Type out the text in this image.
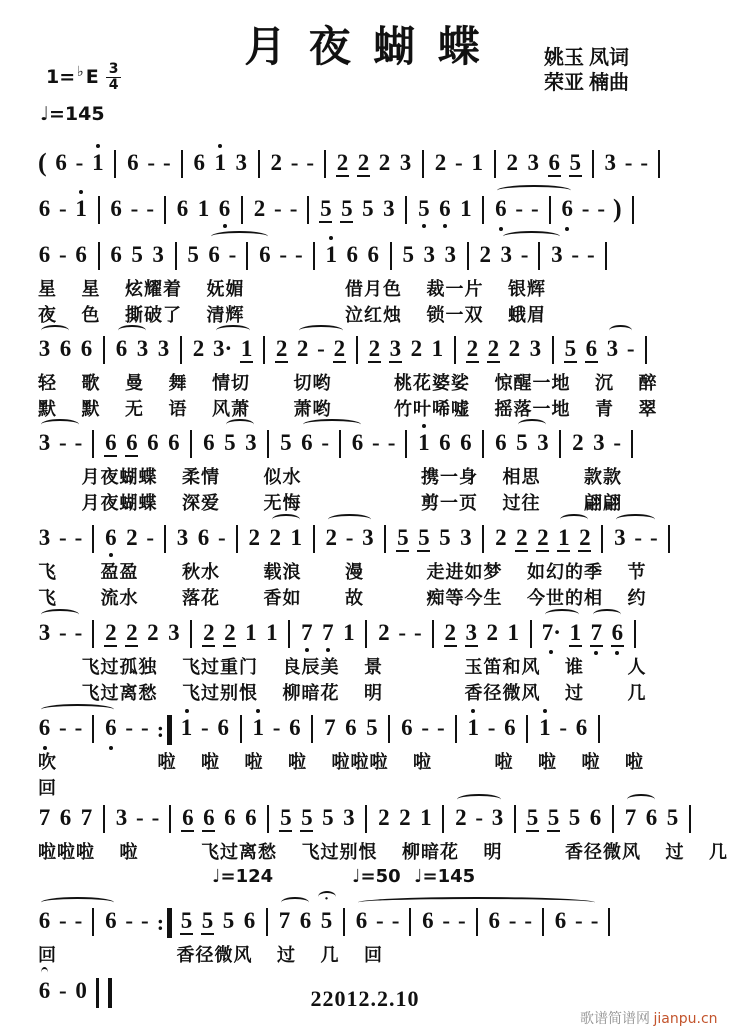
月 夜 蝴 蝶	姚玉 凤词
荣亚 楠曲
1= ♭ E $\frac{3}{4}$
♩=145
( 6 - 1 6 - - 6 1 3 2 - - 2 2 2 3 2 - 1 2 3 6 5 3 - -
6 - 1 6 - - 6 1 6 2 - - 5 5 5 3 5 6 1 6 - - 6 - - )
6 - 6 6 5 3 5 6 - 6 - - 1 6 6 5 3 3 2 3 - 3 - -
星　 星　 炫耀着　 妩媚　　　　　 借月色　 裁一片　 银辉
夜　 色　 撕破了　 清辉　　　　　 泣红烛　 锁一双　 蛾眉
3 6 6 6 3 3 2 3· 1 2 2 - 2 2 3 2 1 2 2 2 3 5 6 3 -
轻　 歌　 曼　 舞　 情切　　 切哟　　　 桃花婆娑　 惊醒一地　 沉　 醉
默　 默　 无　 语　 风萧　　 萧哟　　　 竹叶唏嘘　 摇落一地　 青　 翠
3 - - 6 6 6 6 6 5 3 5 6 - 6 - - 1 6 6 6 5 3 2 3 -
　　 月夜蝴蝶　 柔情　　 似水　　　　　　 携一身　 相思　　 款款
　　 月夜蝴蝶　 深爱　　 无悔　　　　　　 剪一页　 过往　　 翩翩
3 - - 6 2 - 3 6 - 2 2 1 2 - 3 5 5 5 3 2 2 2 1 2 3 - -
飞　　 盈盈　　 秋水　　 载浪　　 漫　　　 走进如梦　 如幻的季　 节
飞　　 流水　　 落花　　 香如　　 故　　　 痴等今生　 今世的相　 约
3 - - 2 2 2 3 2 2 1 1 7 7 1 2 - - 2 3 2 1 7· 1 7 6
　　 飞过孤独　 飞过重门　 良辰美　 景　　　　 玉笛和风　 谁　　 人
　　 飞过离愁　 飞过别恨　 柳暗花　 明　　　　 香径微风　 过　　 几
6 - - 6 - - : 1 - 6 1 - 6 7 6 5 6 - - 1 - 6 1 - 6
吹　　　　　 啦　 啦　 啦　 啦　 啦啦啦　 啦　　　 啦　 啦　 啦　 啦
回
7 6 7 3 - - 6 6 6 6 5 5 5 3 2 2 1 2 - 3 5 5 5 6 7 6 5
啦啦啦　 啦　　　 飞过离愁　 飞过别恨　 柳暗花　 明　　　 香径微风　 过　 几
6 - - 6 - - : 5 5 5 6 7 6 · 5 6 - - 6 - - 6 - - 6 - -
回　　　　　　 香径微风　 过　 几　 回
6 - 0
♩=124	♩=50 ♩=145
22012.2.10
歌谱简谱网 jianpu.cn
